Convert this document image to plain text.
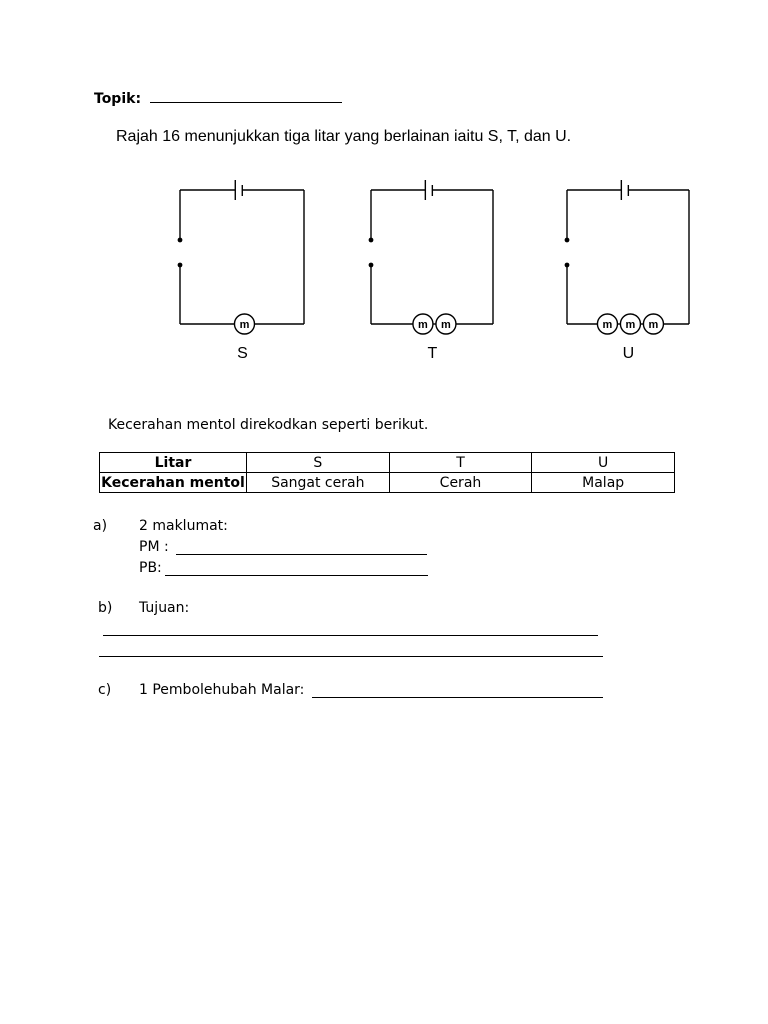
Topik:
Rajah 16 menunjukkan tiga litar yang berlainan iaitu S, T, dan U.
m
S
m m
T
m m m
U
Kecerahan mentol direkodkan seperti berikut.
Litar	S	T	U
Kecerahan mentol	Sangat cerah	Cerah	Malap
a) 2 maklumat:
PM :
PB:
b) Tujuan:
c) 1 Pembolehubah Malar:
